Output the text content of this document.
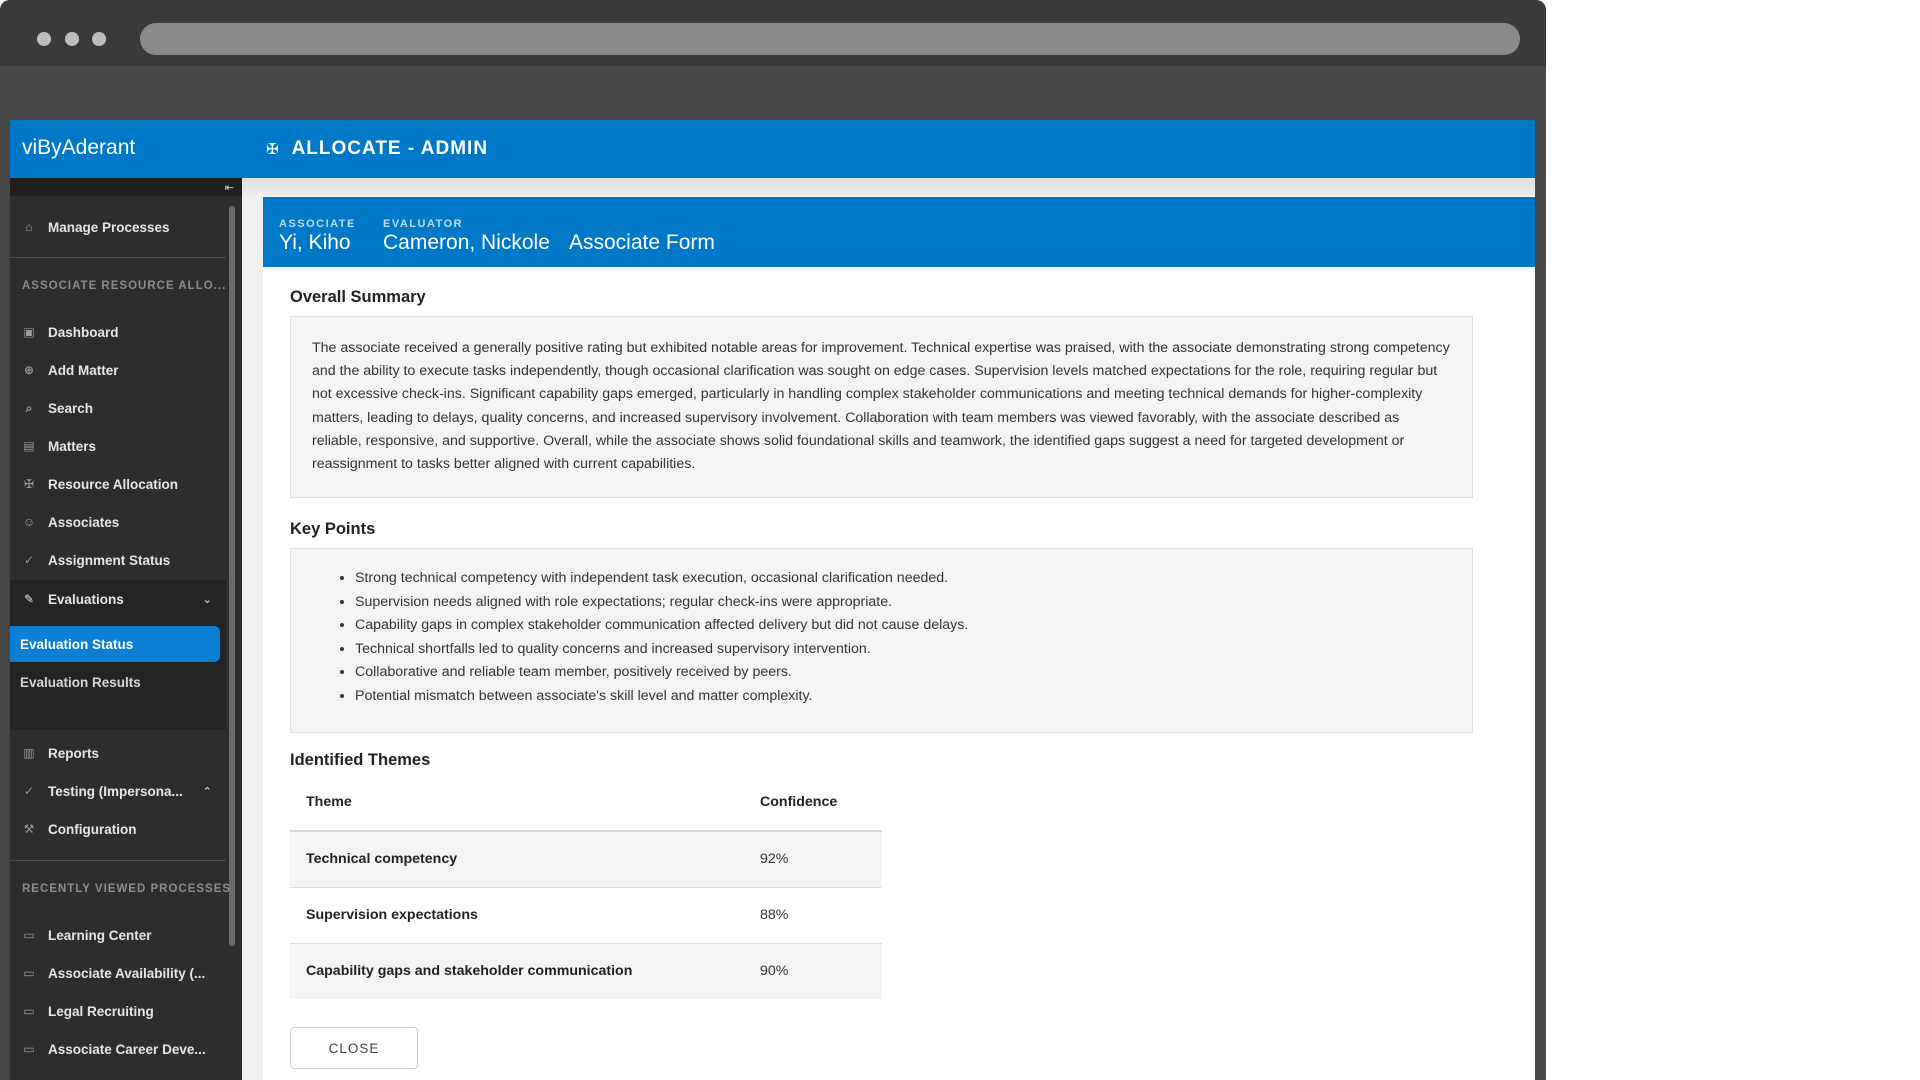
viByAderant
⇤
⌂ Manage Processes
ASSOCIATE RESOURCE ALLO...
▣ Dashboard
⊕ Add Matter
⌕ Search
▤ Matters
✠ Resource Allocation
☺ Associates
✓ Assignment Status
✎ Evaluations	⌄
Evaluation Status
Evaluation Results
▥ Reports
✓ Testing (Impersona... ⌃
⚒ Configuration
RECENTLY VIEWED PROCESSES
▭ Learning Center
▭ Associate Availability (...
▭ Legal Recruiting
▭ Associate Career Deve...
✠ ALLOCATE - ADMIN
ASSOCIATE
Yi, Kiho
EVALUATOR
Cameron, Nickole Associate Form
Overall Summary
The associate received a generally positive rating but exhibited notable areas for improvement. Technical expertise was praised, with the associate demonstrating strong competency and the ability to execute tasks independently, though occasional clarification was sought on edge cases. Supervision levels matched expectations for the role, requiring regular but not excessive check-ins. Significant capability gaps emerged, particularly in handling complex stakeholder communications and meeting technical demands for higher-complexity matters, leading to delays, quality concerns, and increased supervisory involvement. Collaboration with team members was viewed favorably, with the associate described as reliable, responsive, and supportive. Overall, while the associate shows solid foundational skills and teamwork, the identified gaps suggest a need for targeted development or reassignment to tasks better aligned with current capabilities.
Key Points
• Strong technical competency with independent task execution, occasional clarification needed.
• Supervision needs aligned with role expectations; regular check-ins were appropriate.
• Capability gaps in complex stakeholder communication affected delivery but did not cause delays.
• Technical shortfalls led to quality concerns and increased supervisory intervention.
• Collaborative and reliable team member, positively received by peers.
• Potential mismatch between associate's skill level and matter complexity.
Identified Themes
Theme	Confidence
Technical competency	92%
Supervision expectations	88%
Capability gaps and stakeholder communication	90%
CLOSE
